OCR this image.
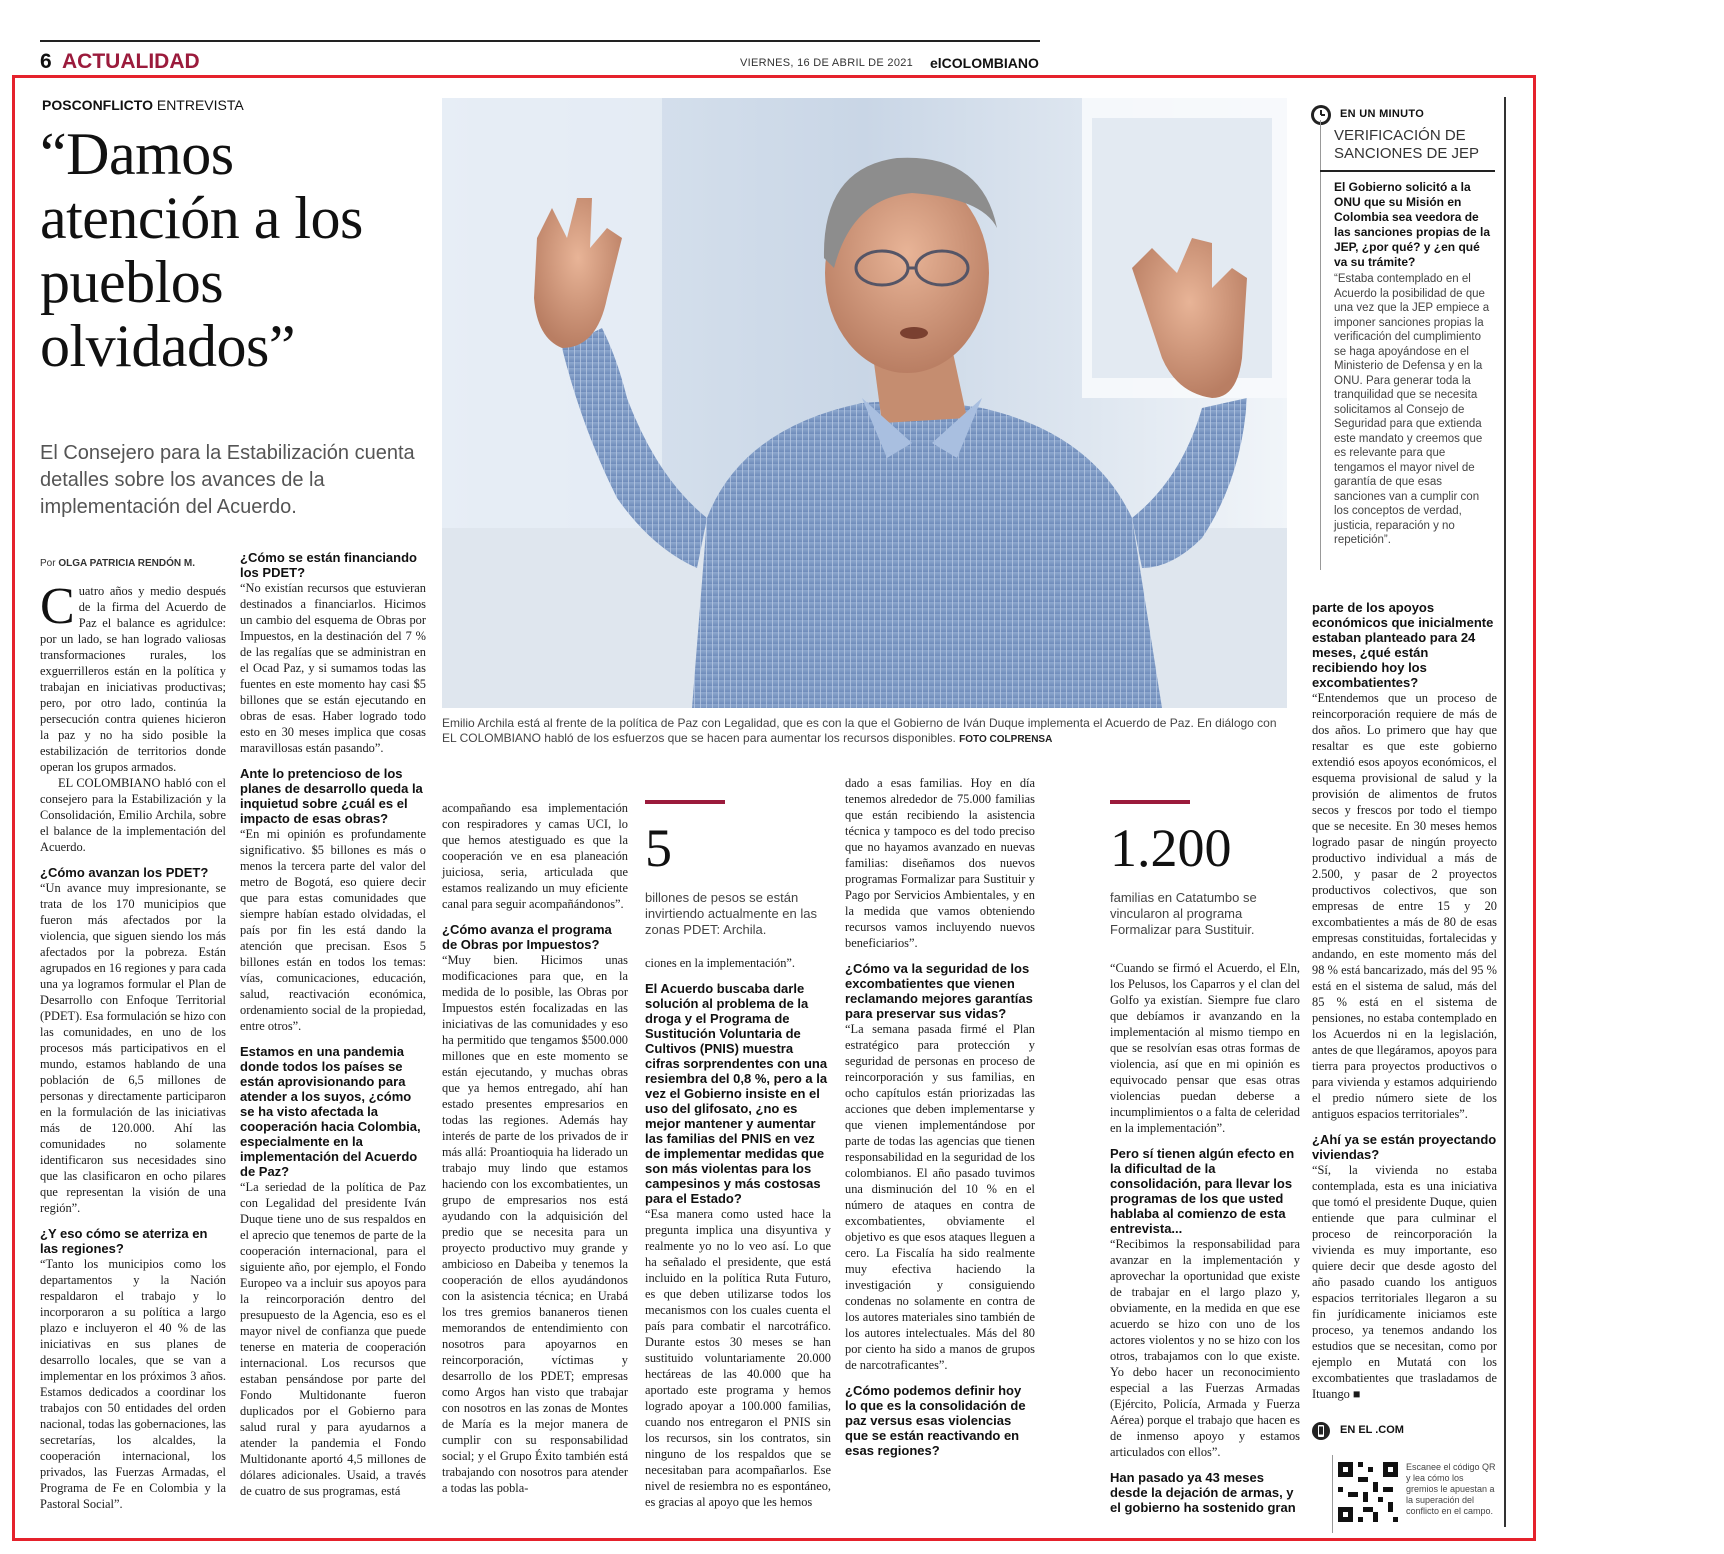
6 ACTUALIDAD	VIERNES, 16 DE ABRIL DE 2021 elCOLOMBIANO
POSCONFLICTO ENTREVISTA
“Damos atención a los pueblos olvidados”
El Consejero para la Estabilización cuenta detalles sobre los avances de la implementación del Acuerdo.
Emilio Archila está al frente de la política de Paz con Legalidad, que es con la que el Gobierno de Iván Duque implementa el Acuerdo de Paz. En diálogo con EL COLOMBIANO habló de los esfuerzos que se hacen para aumentar los recursos disponibles. FOTO COLPRENSA
Por OLGA PATRICIA RENDÓN M.

Cuatro años y medio después de la firma del Acuerdo de Paz el balance es agridulce: por un lado, se han logrado valiosas transformaciones rurales, los exguerrilleros están en la política y trabajan en iniciativas productivas; pero, por otro lado, continúa la persecución contra quienes hicieron la paz y no ha sido posible la estabilización de territorios donde operan los grupos armados.

EL COLOMBIANO habló con el consejero para la Estabilización y la Consolidación, Emilio Archila, sobre el balance de la implementación del Acuerdo.

¿Cómo avanzan los PDET?

“Un avance muy impresionante, se trata de los 170 municipios que fueron más afectados por la violencia, que siguen siendo los más afectados por la pobreza. Están agrupados en 16 regiones y para cada una ya logramos formular el Plan de Desarrollo con Enfoque Territorial (PDET). Esa formulación se hizo con las comunidades, en uno de los procesos más participativos en el mundo, estamos hablando de una población de 6,5 millones de personas y directamente participaron en la formulación de las iniciativas más de 120.000. Ahí las comunidades no solamente identificaron sus necesidades sino que las clasificaron en ocho pilares que representan la visión de una región”.

¿Y eso cómo se aterriza en las regiones?

“Tanto los municipios como los departamentos y la Nación respaldaron el trabajo y lo incorporaron a su política a largo plazo e incluyeron el 40 % de las iniciativas en sus planes de desarrollo locales, que se van a implementar en los próximos 3 años. Estamos dedicados a coordinar los trabajos con 50 entidades del orden nacional, todas las gobernaciones, las secretarías, los alcaldes, la cooperación internacional, los privados, las Fuerzas Armadas, el Programa de Fe en Colombia y la Pastoral Social”.

¿Cómo se están financiando los PDET?

“No existían recursos que estuvieran destinados a financiarlos. Hicimos un cambio del esquema de Obras por Impuestos, en la destinación del 7 % de las regalías que se administran en el Ocad Paz, y si sumamos todas las fuentes en este momento hay casi $5 billones que se están ejecutando en obras de esas. Haber logrado todo esto en 30 meses implica que cosas maravillosas están pasando”.

Ante lo pretencioso de los planes de desarrollo queda la inquietud sobre ¿cuál es el impacto de esas obras?

“En mi opinión es profundamente significativo. $5 billones es más o menos la tercera parte del valor del metro de Bogotá, eso quiere decir que para estas comunidades que siempre habían estado olvidadas, el país por fin les está dando la atención que precisan. Esos 5 billones están en todos los temas: vías, comunicaciones, educación, salud, reactivación económica, ordenamiento social de la propiedad, entre otros”.

Estamos en una pandemia donde todos los países se están aprovisionando para atender a los suyos, ¿cómo se ha visto afectada la cooperación hacia Colombia, especialmente en la implementación del Acuerdo de Paz?

“La seriedad de la política de Paz con Legalidad del presidente Iván Duque tiene uno de sus respaldos en el aprecio que tenemos de parte de la cooperación internacional, para el siguiente año, por ejemplo, el Fondo Europeo va a incluir sus apoyos para la reincorporación dentro del presupuesto de la Agencia, eso es el mayor nivel de confianza que puede tenerse en materia de cooperación internacional. Los recursos que estaban pensándose por parte del Fondo Multidonante fueron duplicados por el Gobierno para salud rural y para ayudarnos a atender la pandemia el Fondo Multidonante aportó 4,5 millones de dólares adicionales. Usaid, a través de cuatro de sus programas, está

acompañando esa implementación con respiradores y camas UCI, lo que hemos atestiguado es que la cooperación ve en esa planeación juiciosa, seria, articulada que estamos realizando un muy eficiente canal para seguir acompañándonos”.

¿Cómo avanza el programa de Obras por Impuestos?

“Muy bien. Hicimos unas modificaciones para que, en la medida de lo posible, las Obras por Impuestos estén focalizadas en las iniciativas de las comunidades y eso ha permitido que tengamos $500.000 millones que en este momento se están ejecutando, y muchas obras que ya hemos entregado, ahí han estado presentes empresarios en todas las regiones. Además hay interés de parte de los privados de ir más allá: Proantioquia ha liderado un trabajo muy lindo que estamos haciendo con los excombatientes, un grupo de empresarios nos está ayudando con la adquisición del predio que se necesita para un proyecto productivo muy grande y ambicioso en Dabeiba y tenemos la cooperación de ellos ayudándonos con la asistencia técnica; en Urabá los tres gremios bananeros tienen memorandos de entendimiento con nosotros para apoyarnos en reincorporación, víctimas y desarrollo de los PDET; empresas como Argos han visto que trabajar con nosotros en las zonas de Montes de María es la mejor manera de cumplir con su responsabilidad social; y el Grupo Éxito también está trabajando con nosotros para atender a todas las pobla-

5
billones de pesos se están invirtiendo actualmente en las zonas PDET: Archila.

ciones en la implementación”.

El Acuerdo buscaba darle solución al problema de la droga y el Programa de Sustitución Voluntaria de Cultivos (PNIS) muestra cifras sorprendentes con una resiembra del 0,8 %, pero a la vez el Gobierno insiste en el uso del glifosato, ¿no es mejor mantener y aumentar las familias del PNIS en vez de implementar medidas que son más violentas para los campesinos y más costosas para el Estado?

“Esa manera como usted hace la pregunta implica una disyuntiva y realmente yo no lo veo así. Lo que ha señalado el presidente, que está incluido en la política Ruta Futuro, es que deben utilizarse todos los mecanismos con los cuales cuenta el país para combatir el narcotráfico. Durante estos 30 meses se han sustituido voluntariamente 20.000 hectáreas de las 40.000 que ha aportado este programa y hemos logrado apoyar a 100.000 familias, cuando nos entregaron el PNIS sin los recursos, sin los contratos, sin ninguno de los respaldos que se necesitaban para acompañarlos. Ese nivel de resiembra no es espontáneo, es gracias al apoyo que les hemos

dado a esas familias. Hoy en día tenemos alrededor de 75.000 familias que están recibiendo la asistencia técnica y tampoco es del todo preciso que no hayamos avanzado en nuevas familias: diseñamos dos nuevos programas Formalizar para Sustituir y Pago por Servicios Ambientales, y en la medida que vamos obteniendo recursos vamos incluyendo nuevos beneficiarios”.

¿Cómo va la seguridad de los excombatientes que vienen reclamando mejores garantías para preservar sus vidas?

“La semana pasada firmé el Plan estratégico para protección y seguridad de personas en proceso de reincorporación y sus familias, en ocho capítulos están priorizadas las acciones que deben implementarse y que vienen implementándose por parte de todas las agencias que tienen responsabilidad en la seguridad de los colombianos. El año pasado tuvimos una disminución del 10 % en el número de ataques en contra de excombatientes, obviamente el objetivo es que esos ataques lleguen a cero. La Fiscalía ha sido realmente muy efectiva haciendo la investigación y consiguiendo condenas no solamente en contra de los autores materiales sino también de los autores intelectuales. Más del 80 por ciento ha sido a manos de grupos de narcotraficantes”.

¿Cómo podemos definir hoy lo que es la consolidación de paz versus esas violencias que se están reactivando en esas regiones?

1.200
familias en Catatumbo se vincularon al programa Formalizar para Sustituir.

“Cuando se firmó el Acuerdo, el Eln, los Pelusos, los Caparros y el clan del Golfo ya existían. Siempre fue claro que debíamos ir avanzando en la implementación al mismo tiempo en que se resolvían esas otras formas de violencia, así que en mi opinión es equivocado pensar que esas otras violencias puedan deberse a incumplimientos o a falta de celeridad en la implementación”.

Pero sí tienen algún efecto en la dificultad de la consolidación, para llevar los programas de los que usted hablaba al comienzo de esta entrevista...

“Recibimos la responsabilidad para avanzar en la implementación y aprovechar la oportunidad que existe de trabajar en el largo plazo y, obviamente, en la medida en que ese acuerdo se hizo con uno de los actores violentos y no se hizo con los otros, trabajamos con lo que existe. Yo debo hacer un reconocimiento especial a las Fuerzas Armadas (Ejército, Policía, Armada y Fuerza Aérea) porque el trabajo que hacen es de inmenso apoyo y estamos articulados con ellos”.

Han pasado ya 43 meses desde la dejación de armas, y el gobierno ha sostenido gran

parte de los apoyos económicos que inicialmente estaban planteado para 24 meses, ¿qué están recibiendo hoy los excombatientes?

“Entendemos que un proceso de reincorporación requiere de más de dos años. Lo primero que hay que resaltar es que este gobierno extendió esos apoyos económicos, el esquema provisional de salud y la provisión de alimentos de frutos secos y frescos por todo el tiempo que se necesite. En 30 meses hemos logrado pasar de ningún proyecto productivo individual a más de 2.500, y pasar de 2 proyectos productivos colectivos, que son empresas de entre 15 y 20 excombatientes a más de 80 de esas empresas constituidas, fortalecidas y andando, en este momento más del 98 % está bancarizado, más del 95 % está en el sistema de salud, más del 85 % está en el sistema de pensiones, no estaba contemplado en los Acuerdos ni en la legislación, antes de que llegáramos, apoyos para tierra para proyectos productivos o para vivienda y estamos adquiriendo el predio número siete de los antiguos espacios territoriales”.

¿Ahí ya se están proyectando viviendas?

“Sí, la vivienda no estaba contemplada, esta es una iniciativa que tomó el presidente Duque, quien entiende que para culminar el proceso de reincorporación la vivienda es muy importante, eso quiere decir que desde agosto del año pasado cuando los antiguos espacios territoriales llegaron a su fin jurídicamente iniciamos este proceso, ya tenemos andando los estudios que se necesitan, como por ejemplo en Mutatá con los excombatientes que trasladamos de Ituango ■

EN UN MINUTO
VERIFICACIÓN DE SANCIONES DE JEP
El Gobierno solicitó a la ONU que su Misión en Colombia sea veedora de las sanciones propias de la JEP, ¿por qué? y ¿en qué va su trámite?
“Estaba contemplado en el Acuerdo la posibilidad de que una vez que la JEP empiece a imponer sanciones propias la verificación del cumplimiento se haga apoyándose en el Ministerio de Defensa y en la ONU. Para generar toda la tranquilidad que se necesita solicitamos al Consejo de Seguridad para que extienda este mandato y creemos que es relevante para que tengamos el mayor nivel de garantía de que esas sanciones van a cumplir con los conceptos de verdad, justicia, reparación y no repetición”.
EN EL .COM
Escanee el código QR y lea cómo los gremios le apuestan a la superación del conflicto en el campo.
